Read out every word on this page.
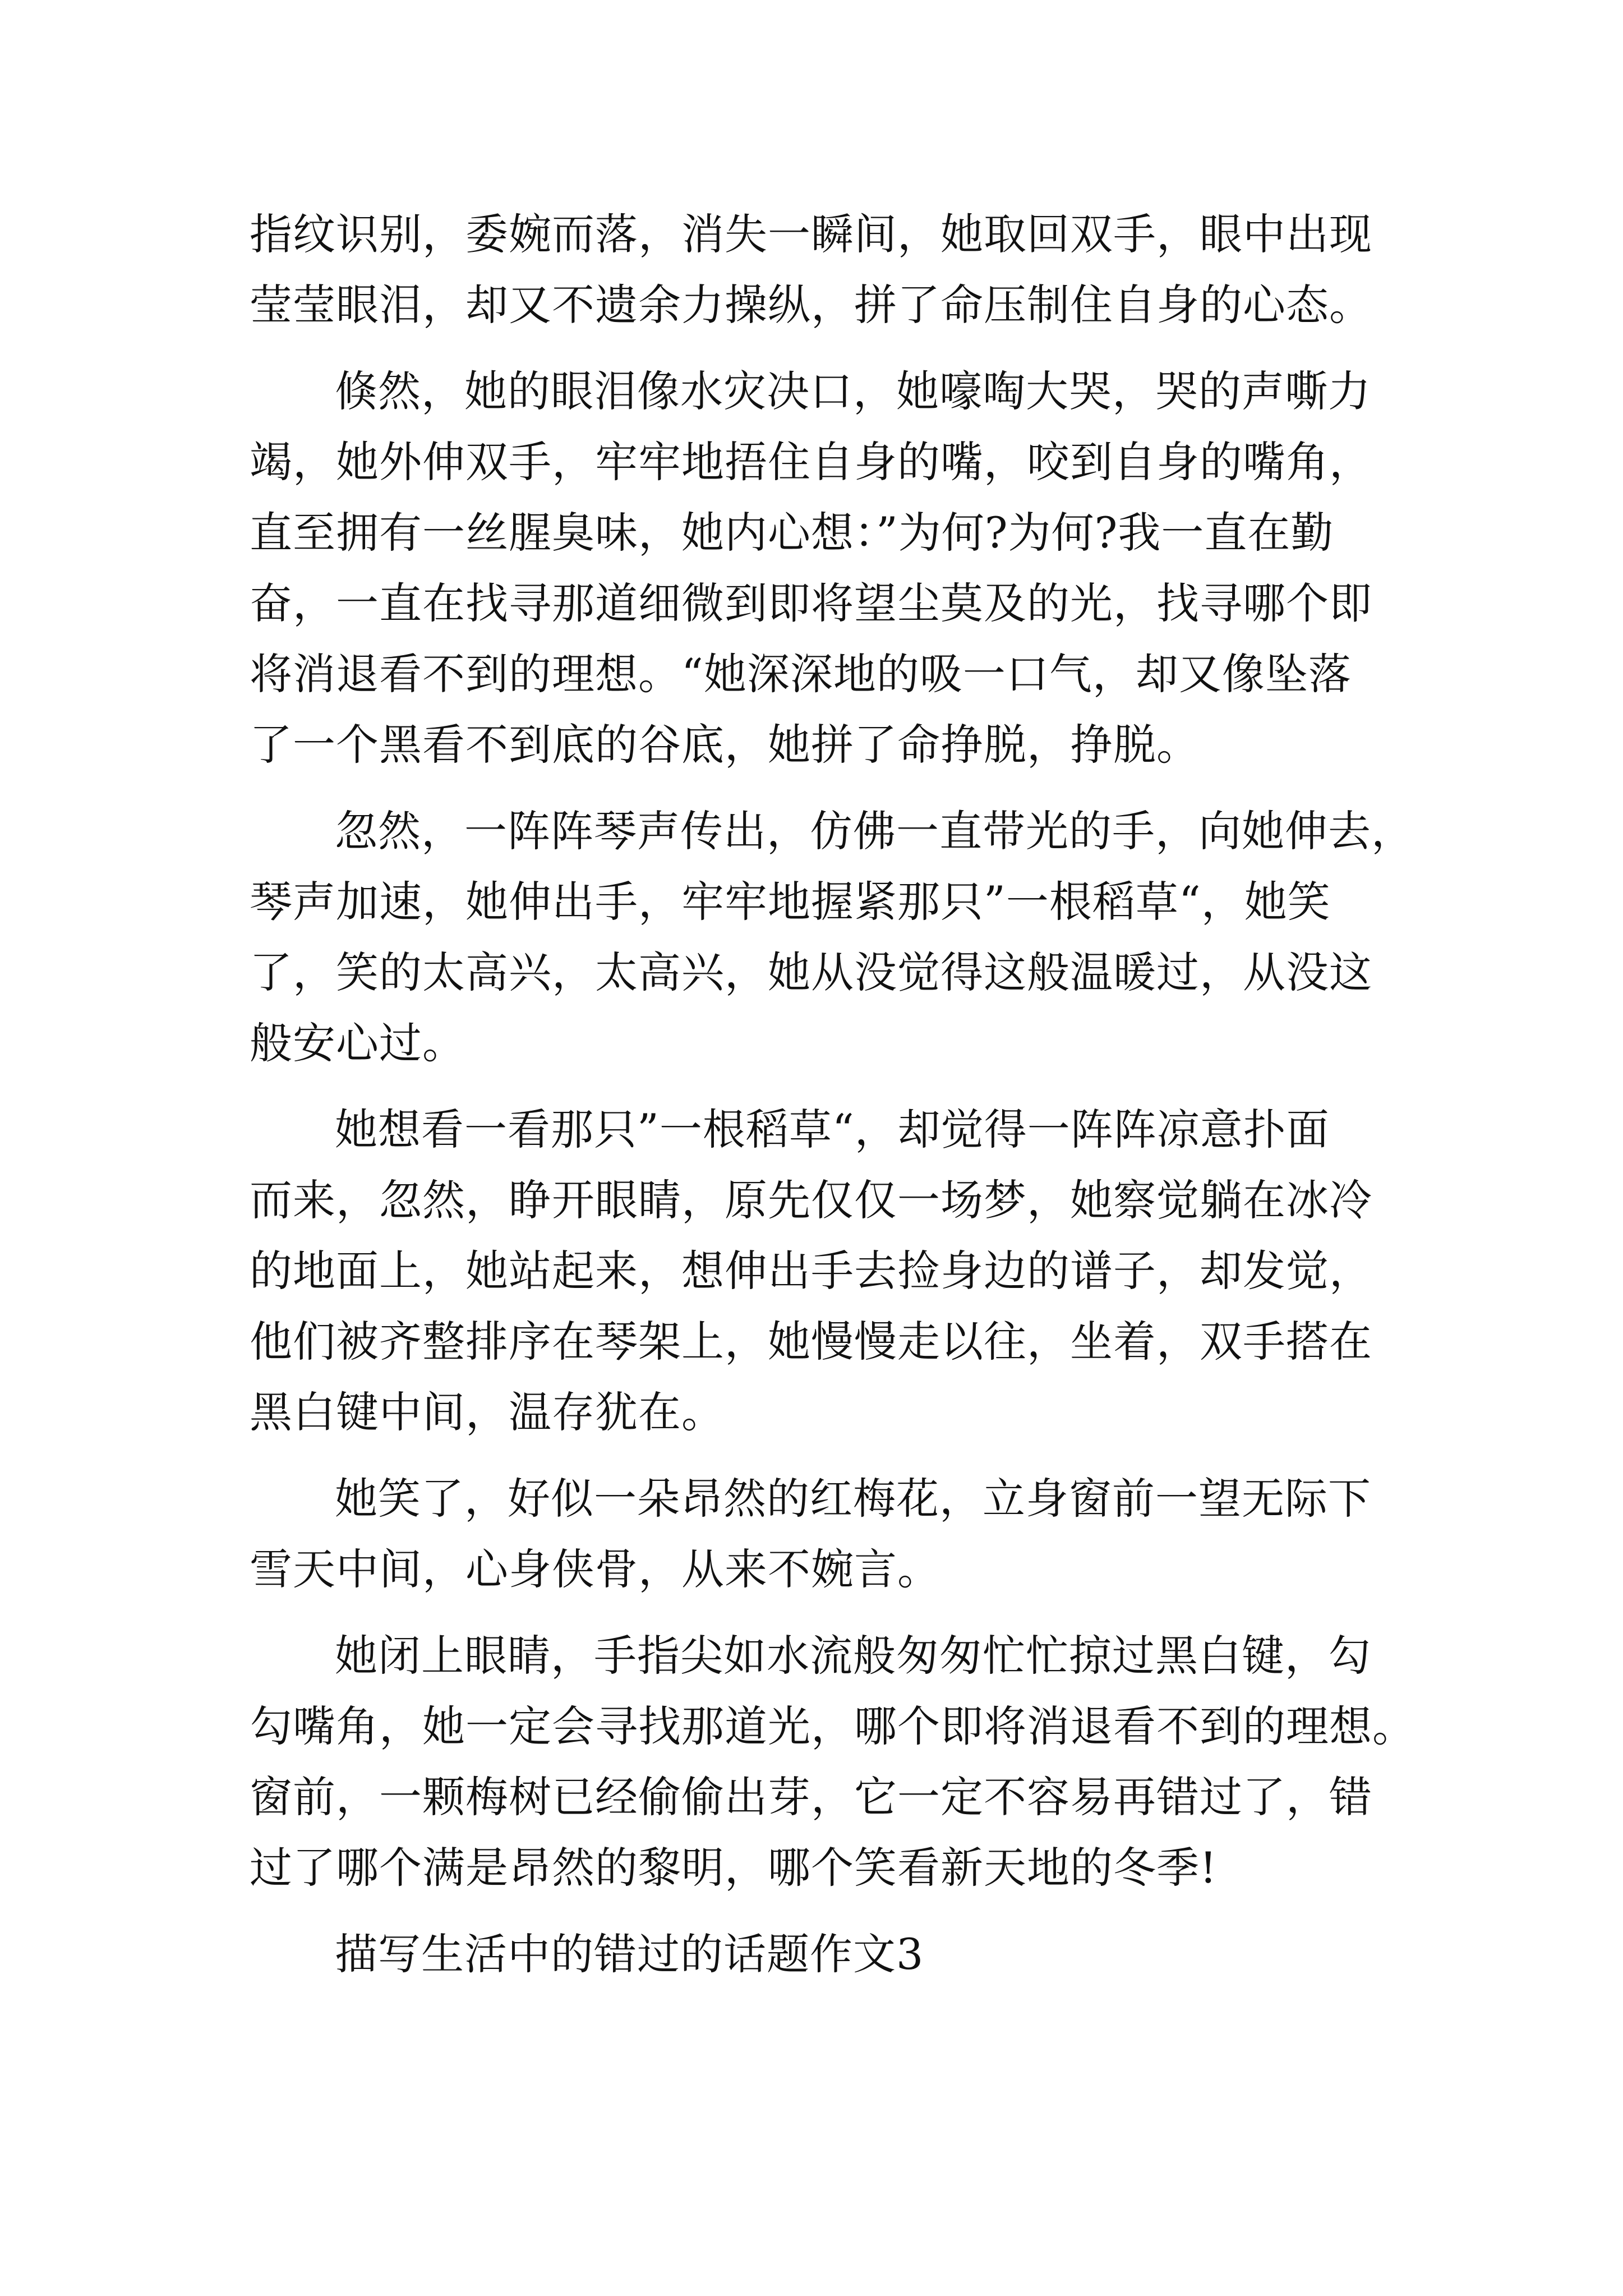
指纹识别，委婉而落，消失一瞬间，她取回双手，眼中出现
莹莹眼泪，却又不遗余力操纵，拼了命压制住自身的心态。
倏然，她的眼泪像水灾决口，她嚎啕大哭，哭的声嘶力
竭，她外伸双手，牢牢地捂住自身的嘴，咬到自身的嘴角，
直至拥有一丝腥臭味，她内心想：”为何?为何?我一直在勤
奋，一直在找寻那道细微到即将望尘莫及的光，找寻哪个即
将消退看不到的理想。“她深深地的吸一口气，却又像坠落
了一个黑看不到底的谷底，她拼了命挣脱，挣脱。
忽然，一阵阵琴声传出，仿佛一直带光的手，向她伸去，
琴声加速，她伸出手，牢牢地握紧那只”一根稻草“，她笑
了，笑的太高兴，太高兴，她从没觉得这般温暖过，从没这
般安心过。
她想看一看那只”一根稻草“，却觉得一阵阵凉意扑面
而来，忽然，睁开眼睛，原先仅仅一场梦，她察觉躺在冰冷
的地面上，她站起来，想伸出手去捡身边的谱子，却发觉，
他们被齐整排序在琴架上，她慢慢走以往，坐着，双手搭在
黑白键中间，温存犹在。
她笑了，好似一朵昂然的红梅花，立身窗前一望无际下
雪天中间，心身侠骨，从来不婉言。
她闭上眼睛，手指尖如水流般匆匆忙忙掠过黑白键，勾
勾嘴角，她一定会寻找那道光，哪个即将消退看不到的理想。
窗前，一颗梅树已经偷偷出芽，它一定不容易再错过了，错
过了哪个满是昂然的黎明，哪个笑看新天地的冬季!
描写生活中的错过的话题作文3
